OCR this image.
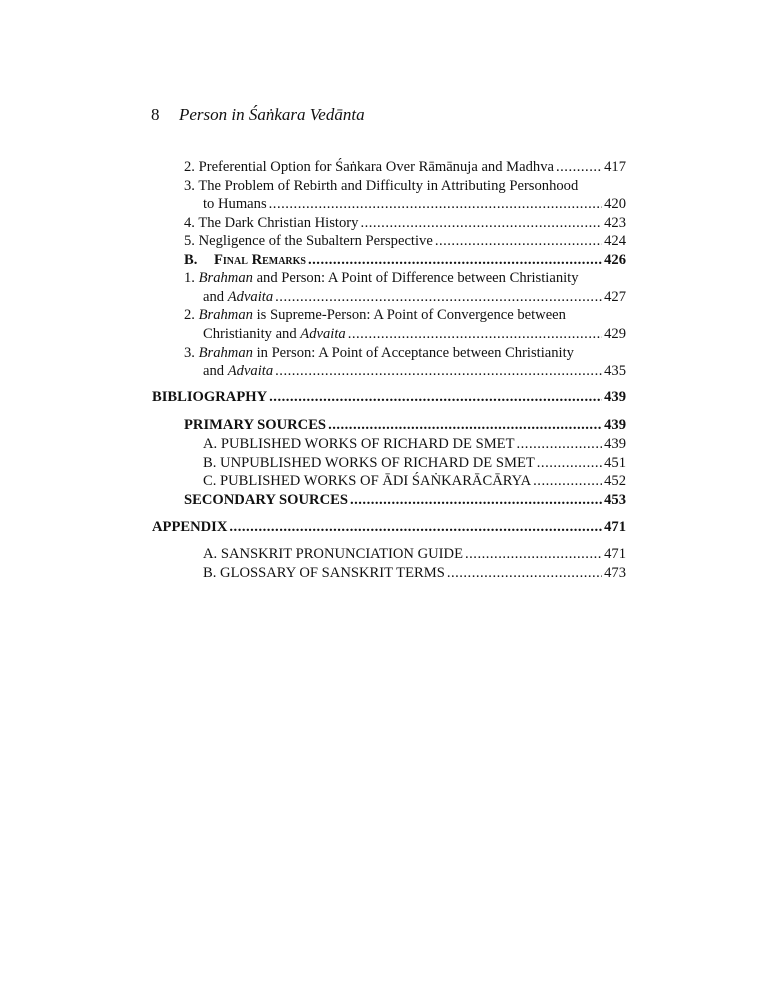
8 Person in Śaṅkara Vedānta
2. Preferential Option for Śaṅkara Over Rāmānuja and Madhva .....	417
3. The Problem of Rebirth and Difficulty in Attributing Personhood
to Humans .....	420
4. The Dark Christian History .....	423
5. Negligence of the Subaltern Perspective .....	424
B.	Final Remarks .....	426
1. Brahman and Person: A Point of Difference between Christianity
and Advaita .....	427
2. Brahman is Supreme-Person: A Point of Convergence between
Christianity and Advaita .....	429
3. Brahman in Person: A Point of Acceptance between Christianity
and Advaita .....	435
BIBLIOGRAPHY .....	439
PRIMARY SOURCES .....	439
A. PUBLISHED WORKS OF RICHARD DE SMET .....	439
B. UNPUBLISHED WORKS OF RICHARD DE SMET .....	451
C. PUBLISHED WORKS OF ĀDI ŚAṄKARĀCĀRYA .....	452
SECONDARY SOURCES .....	453
APPENDIX .....	471
A. SANSKRIT PRONUNCIATION GUIDE .....	471
B. GLOSSARY OF SANSKRIT TERMS .....	473
